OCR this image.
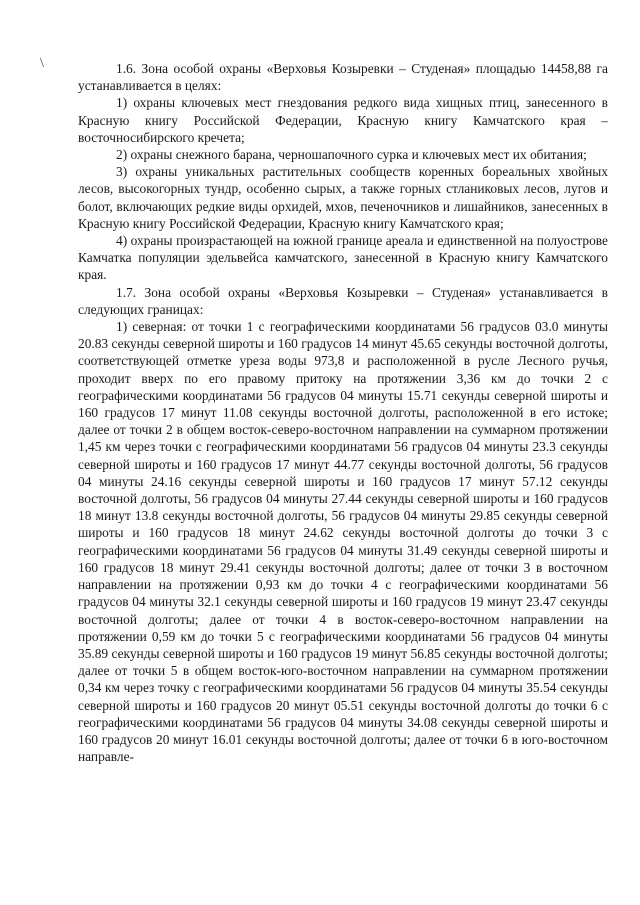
\	1.6. Зона особой охраны «Верховья Козыревки – Студеная» площадью 14458,88 га устанавливается в целях:

1) охраны ключевых мест гнездования редкого вида хищных птиц, занесенного в Красную книгу Российской Федерации, Красную книгу Камчатского края – восточносибирского кречета;

2) охраны снежного барана, черношапочного сурка и ключевых мест их обитания;

3) охраны уникальных растительных сообществ коренных бореальных хвойных лесов, высокогорных тундр, особенно сырых, а также горных стланиковых лесов, лугов и болот, включающих редкие виды орхидей, мхов, печеночников и лишайников, занесенных в Красную книгу Российской Федерации, Красную книгу Камчатского края;

4) охраны произрастающей на южной границе ареала и единственной на полуострове Камчатка популяции эдельвейса камчатского, занесенной в Красную книгу Камчатского края.

1.7. Зона особой охраны «Верховья Козыревки – Студеная» устанавливается в следующих границах:

1) северная: от точки 1 с географическими координатами 56 градусов 03.0 минуты 20.83 секунды северной широты и 160 градусов 14 минут 45.65 секунды восточной долготы, соответствующей отметке уреза воды 973,8 и расположенной в русле Лесного ручья, проходит вверх по его правому притоку на протяжении 3,36 км до точки 2 с географическими координатами 56 градусов 04 минуты 15.71 секунды северной широты и 160 градусов 17 минут 11.08 секунды восточной долготы, расположенной в его истоке; далее от точки 2 в общем восток-северо-восточном направлении на суммарном протяжении 1,45 км через точки с географическими координатами 56 градусов 04 минуты 23.3 секунды северной широты и 160 градусов 17 минут 44.77 секунды восточной долготы, 56 градусов 04 минуты 24.16 секунды северной широты и 160 градусов 17 минут 57.12 секунды восточной долготы, 56 градусов 04 минуты 27.44 секунды северной широты и 160 градусов 18 минут 13.8 секунды восточной долготы, 56 градусов 04 минуты 29.85 секунды северной широты и 160 градусов 18 минут 24.62 секунды восточной долготы до точки 3 с географическими координатами 56 градусов 04 минуты 31.49 секунды северной широты и 160 градусов 18 минут 29.41 секунды восточной долготы; далее от точки 3 в восточном направлении на протяжении 0,93 км до точки 4 с географическими координатами 56 градусов 04 минуты 32.1 секунды северной широты и 160 градусов 19 минут 23.47 секунды восточной долготы; далее от точки 4 в восток-северо-восточном направлении на протяжении 0,59 км до точки 5 с географическими координатами 56 градусов 04 минуты 35.89 секунды северной широты и 160 градусов 19 минут 56.85 секунды восточной долготы; далее от точки 5 в общем восток-юго-восточном направлении на суммарном протяжении 0,34 км через точку с географическими координатами 56 градусов 04 минуты 35.54 секунды северной широты и 160 градусов 20 минут 05.51 секунды восточной долготы до точки 6 с географическими координатами 56 градусов 04 минуты 34.08 секунды северной широты и 160 градусов 20 минут 16.01 секунды восточной долготы; далее от точки 6 в юго-восточном направле-
